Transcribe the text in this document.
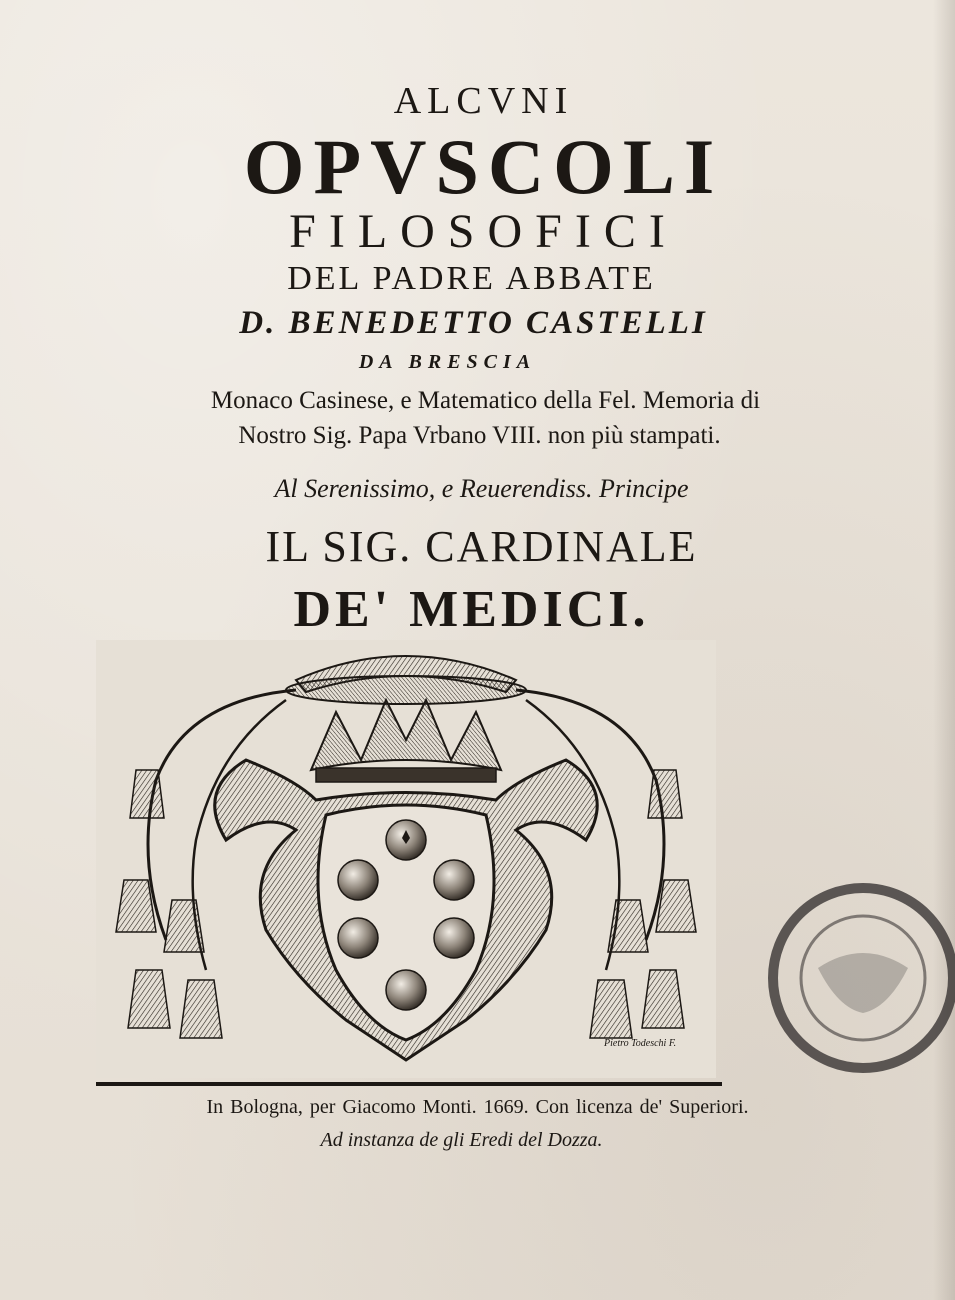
ALCVNI
OPVSCOLI
FILOSOFICI
DEL PADRE ABBATE
D. BENEDETTO CASTELLI
DA BRESCIA
Monaco Casinese, e Matematico della Fel. Memoria di
Nostro Sig. Papa Vrbano VIII. non più stampati.
Al Serenissimo, e Reuerendiss. Principe
IL SIG. CARDINALE
DE' MEDICI.
Pietro Todeschi F.
In Bologna, per Giacomo Monti. 1669. Con licenza de' Superiori.
Ad instanza de gli Eredi del Dozza.
